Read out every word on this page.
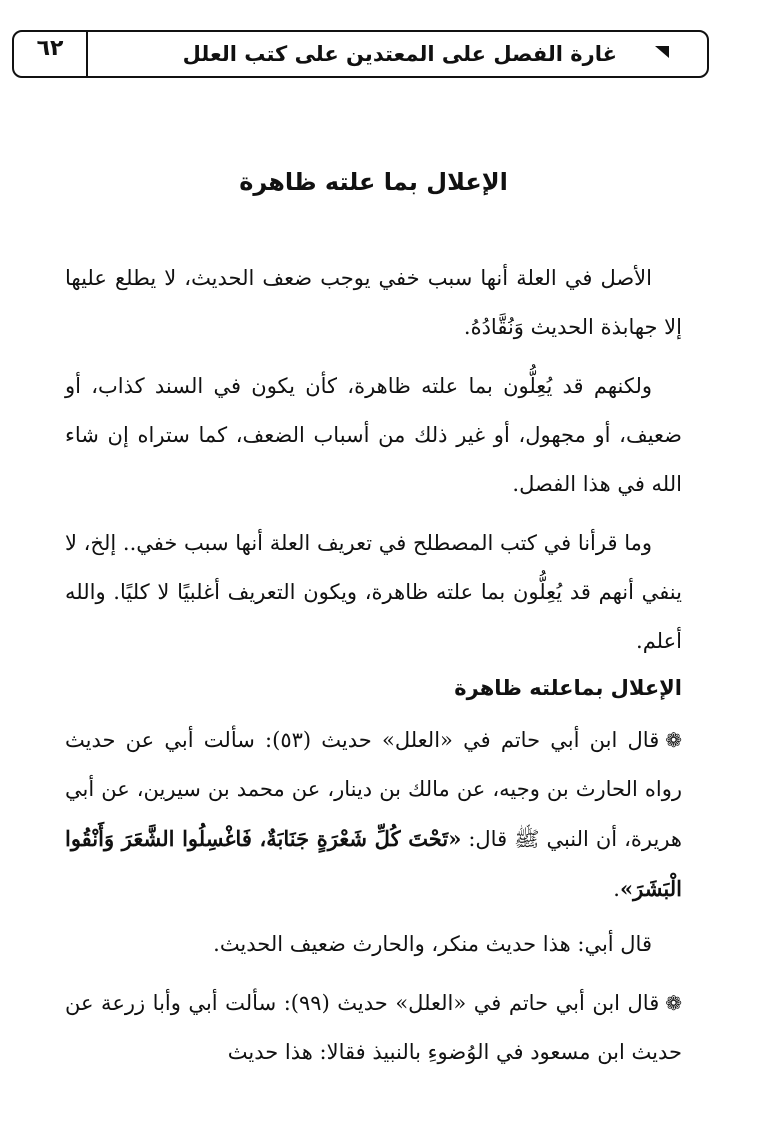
غارة الفصل على المعتدين على كتب العلل
٦٢
الإعلال بما علته ظاهرة

الأصل في العلة أنها سبب خفي يوجب ضعف الحديث، لا يطلع عليها إلا جهابذة الحديث وَنُقَّادُهُ.

ولكنهم قد يُعِلُّون بما علته ظاهرة، كأن يكون في السند كذاب، أو ضعيف، أو مجهول، أو غير ذلك من أسباب الضعف، كما ستراه إن شاء الله في هذا الفصل.

وما قرأنا في كتب المصطلح في تعريف العلة أنها سبب خفي.. إلخ، لا ينفي أنهم قد يُعِلُّون بما علته ظاهرة، ويكون التعريف أغلبيًا لا كليًا. والله أعلم.

الإعلال بماعلته ظاهرة

❁قال ابن أبي حاتم في «العلل» حديث (٥٣): سألت أبي عن حديث رواه الحارث بن وجيه، عن مالك بن دينار، عن محمد بن سيرين، عن أبي هريرة، أن النبي ﷺ قال: «تَحْتَ كُلِّ شَعْرَةٍ جَنَابَةٌ، فَاغْسِلُوا الشَّعَرَ وَأَنْقُوا الْبَشَرَ».

قال أبي: هذا حديث منكر، والحارث ضعيف الحديث.

❁قال ابن أبي حاتم في «العلل» حديث (٩٩): سألت أبي وأبا زرعة عن حديث ابن مسعود في الوُضوءِ بالنبيذ فقالا: هذا حديث
